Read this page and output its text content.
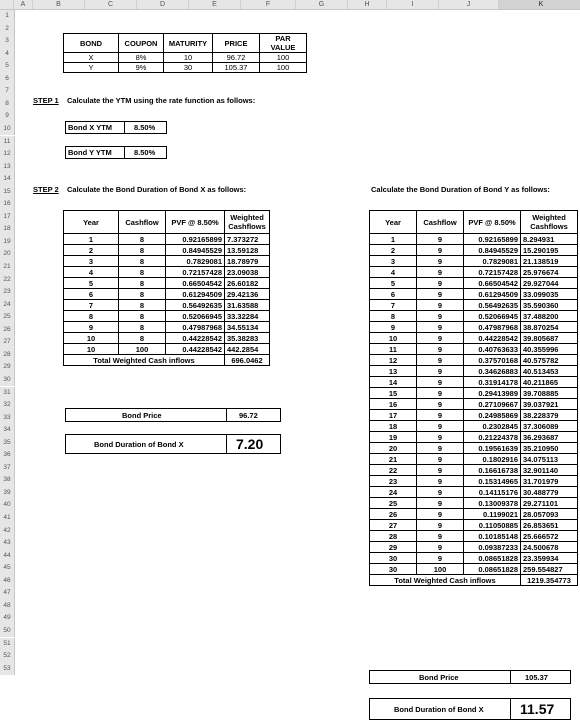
A	B	C	D	E	F	G	H	I	J	K
1
2
3
4
5
6
7
8
9
10
11
12
13
14
15
16
17
18
19
20
21
22
23
24
25
26
27
28
29
30
31
32
33
34
35
36
37
38
39
40
41
42
43
44
45
46
47
48
49
50
51
52
53
BOND	COUPON	MATURITY	PRICE	PAR VALUE
X	8%	10	96.72	100
Y	9%	30	105.37	100
STEP 1 Calculate the YTM using the rate function as follows:
Bond X YTM	8.50%
Bond Y YTM	8.50%
STEP 2 Calculate the Bond Duration of Bond X as follows:	Calculate the Bond Duration of Bond Y as follows:
Year	Cashflow	PVF @ 8.50%	Weighted Cashflows
1	8	0.92165899	7.373272
2	8	0.84945529	13.59128
3	8	0.7829081	18.78979
4	8	0.72157428	23.09038
5	8	0.66504542	26.60182
6	8	0.61294509	29.42136
7	8	0.56492635	31.63588
8	8	0.52066945	33.32284
9	8	0.47987968	34.55134
10	8	0.44228542	35.38283
10	100	0.44228542	442.2854
Total Weighted Cash inflows			696.0462
Bond Price	96.72
Bond Duration of Bond X	7.20
Year	Cashflow	PVF @ 8.50%	Weighted Cashflows
1	9	0.92165899	8.294931
2	9	0.84945529	15.290195
3	9	0.7829081	21.138519
4	9	0.72157428	25.976674
5	9	0.66504542	29.927044
6	9	0.61294509	33.099035
7	9	0.56492635	35.590360
8	9	0.52066945	37.488200
9	9	0.47987968	38.870254
10	9	0.44228542	39.805687
11	9	0.40763633	40.355996
12	9	0.37570168	40.575782
13	9	0.34626883	40.513453
14	9	0.31914178	40.211865
15	9	0.29413989	39.708885
16	9	0.27109667	39.037921
17	9	0.24985869	38.228379
18	9	0.2302845	37.306089
19	9	0.21224378	36.293687
20	9	0.19561639	35.210950
21	9	0.1802916	34.075113
22	9	0.16616738	32.901140
23	9	0.15314965	31.701979
24	9	0.14115176	30.488779
25	9	0.13009378	29.271101
26	9	0.1199021	28.057093
27	9	0.11050885	26.853651
28	9	0.10185148	25.666572
29	9	0.09387233	24.500678
30	9	0.08651828	23.359934
30	100	0.08651828	259.554827
Total Weighted Cash inflows			1219.354773
Bond Price	105.37
Bond Duration of Bond X	11.57
